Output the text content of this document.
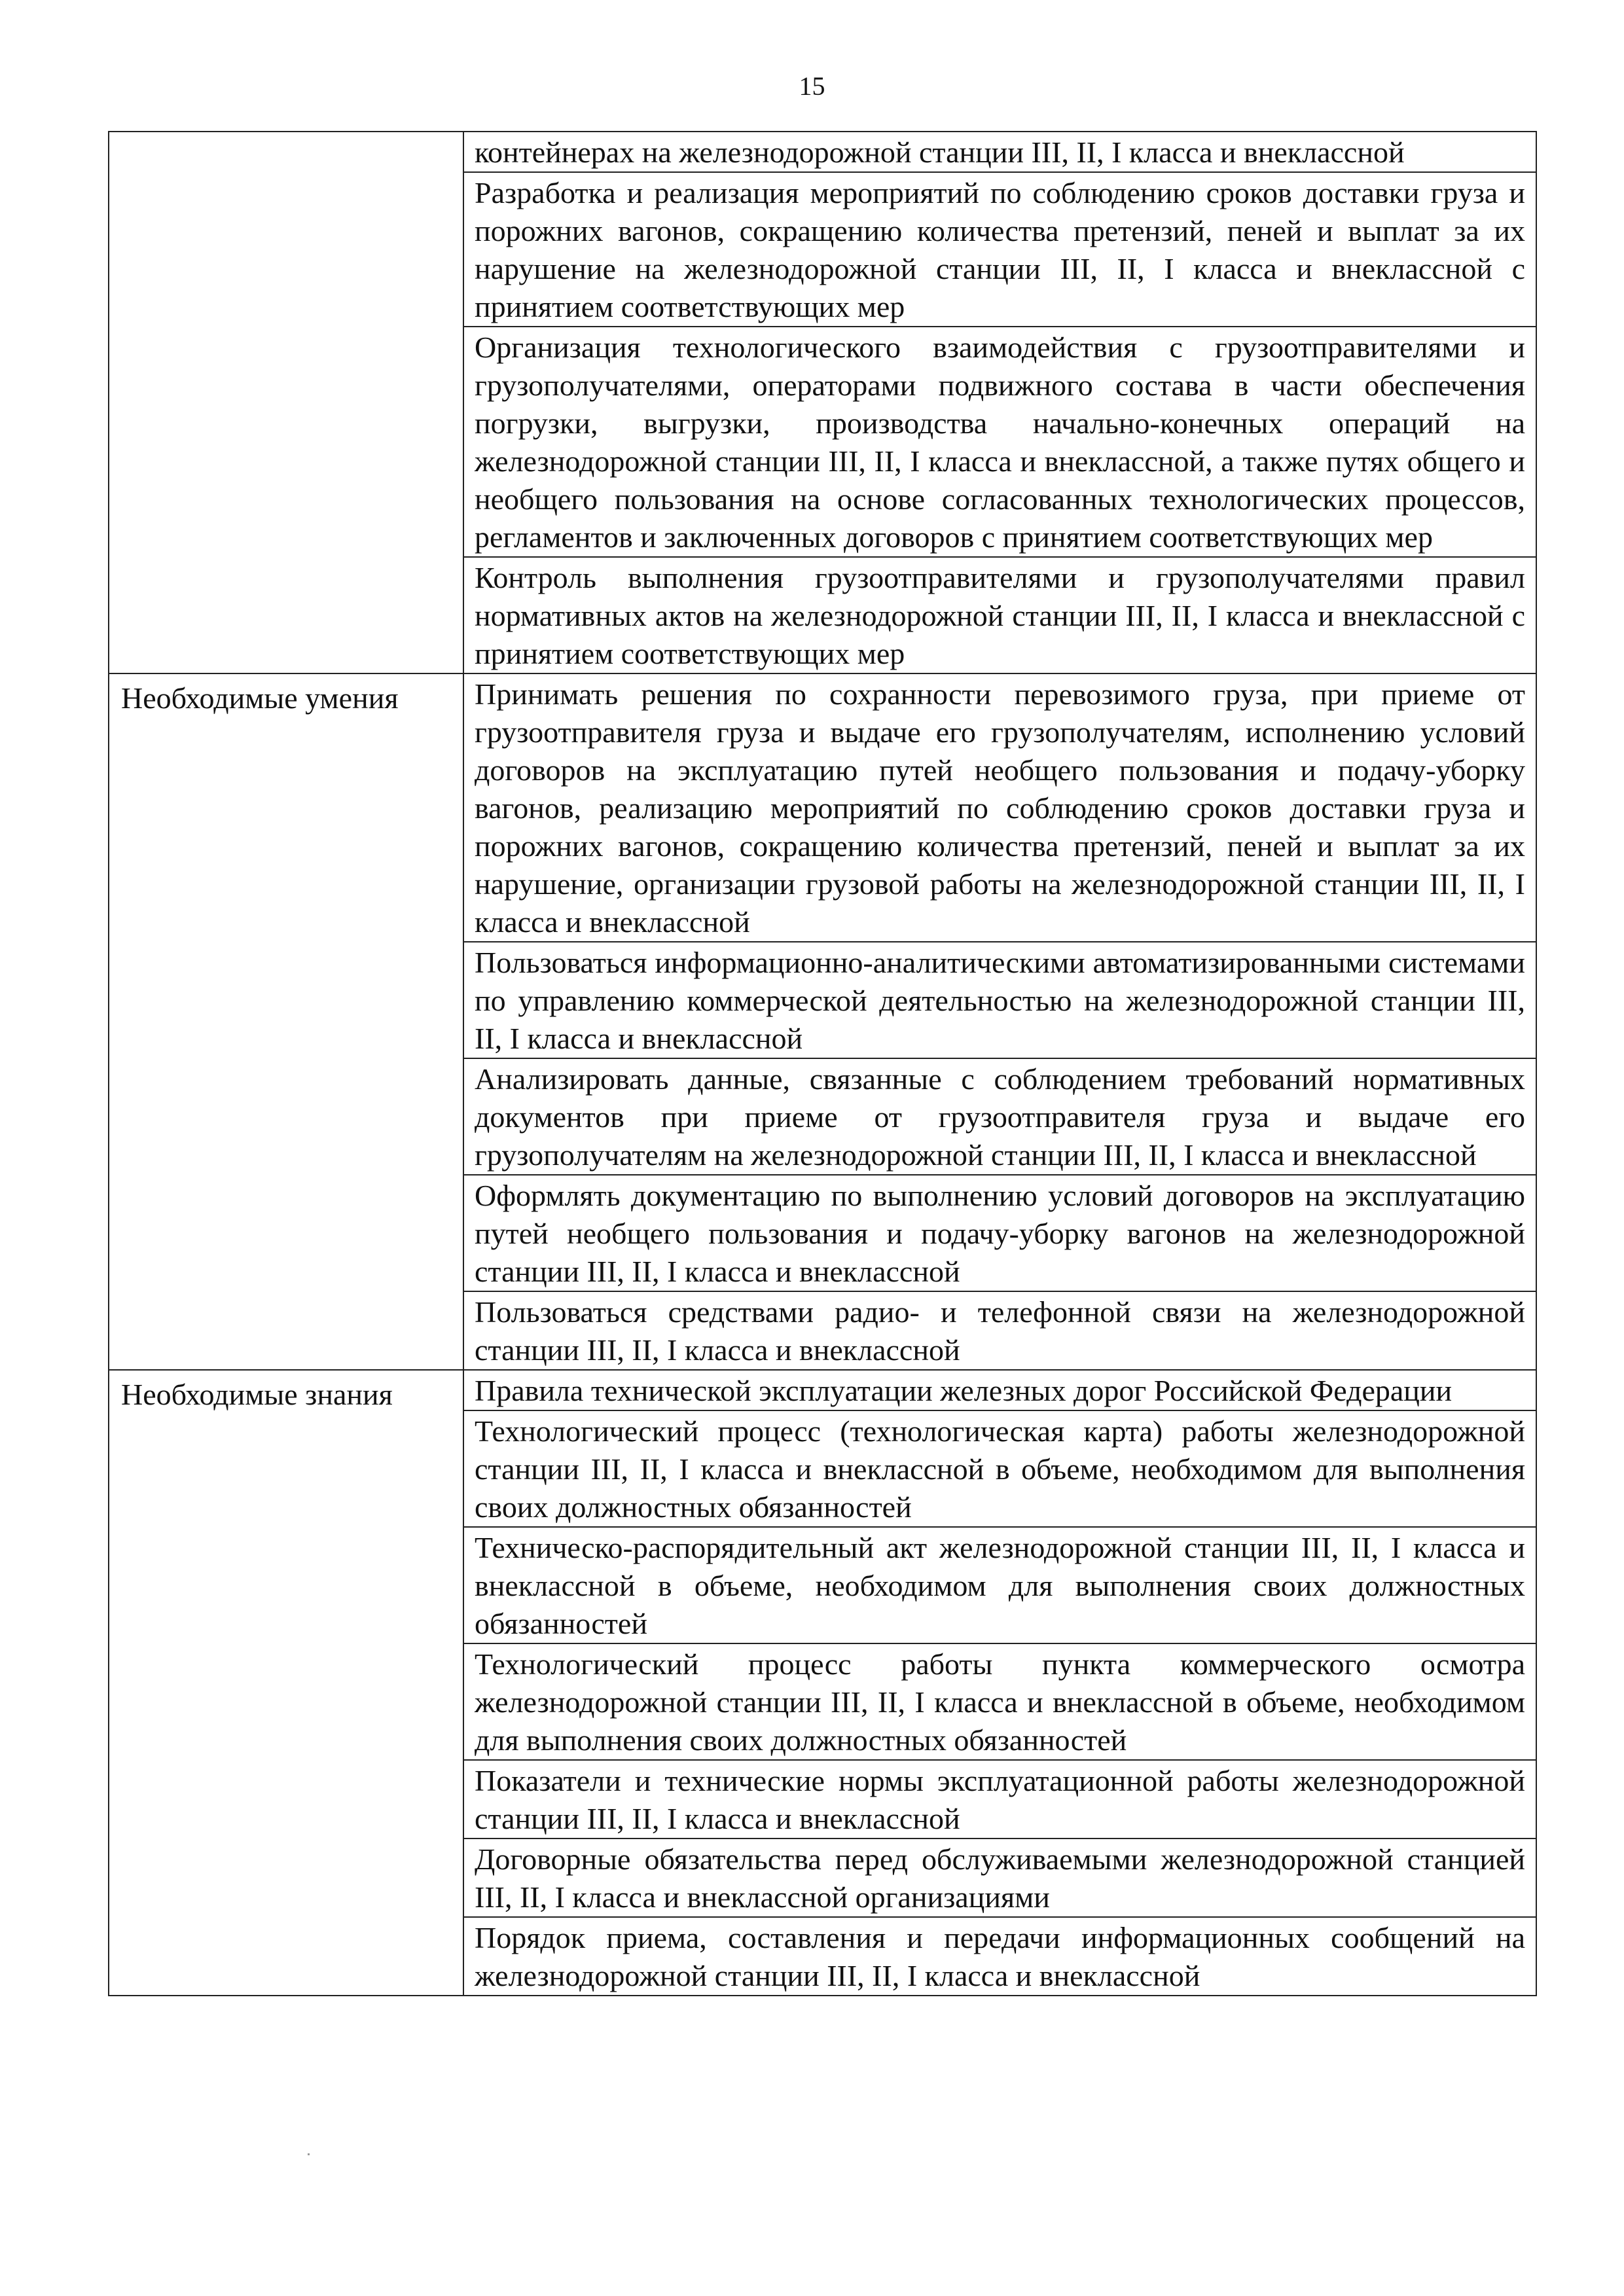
15

	контейнерах на железнодорожной станции III, II, I класса и внеклассной

	Разработка и реализация мероприятий по соблюдению сроков доставки груза и порожних вагонов, сокращению количества претензий, пеней и выплат за их нарушение на железнодорожной станции III, II, I класса и внеклассной с принятием соответствующих мер

	Организация технологического взаимодействия с грузоотправителями и грузополучателями, операторами подвижного состава в части обеспечения погрузки, выгрузки, производства начально-конечных операций на железнодорожной станции III, II, I класса и внеклассной, а также путях общего и необщего пользования на основе согласованных технологических процессов, регламентов и заключенных договоров с принятием соответствующих мер

	Контроль выполнения грузоотправителями и грузополучателями правил нормативных актов на железнодорожной станции III, II, I класса и внеклассной с принятием соответствующих мер

Необходимые умения	Принимать решения по сохранности перевозимого груза, при приеме от грузоотправителя груза и выдаче его грузополучателям, исполнению условий договоров на эксплуатацию путей необщего пользования и подачу-уборку вагонов, реализацию мероприятий по соблюдению сроков доставки груза и порожних вагонов, сокращению количества претензий, пеней и выплат за их нарушение, организации грузовой работы на железнодорожной станции III, II, I класса и внеклассной

	Пользоваться информационно-аналитическими автоматизированными системами по управлению коммерческой деятельностью на железнодорожной станции III, II, I класса и внеклассной

	Анализировать данные, связанные с соблюдением требований нормативных документов при приеме от грузоотправителя груза и выдаче его грузополучателям на железнодорожной станции III, II, I класса и внеклассной

	Оформлять документацию по выполнению условий договоров на эксплуатацию путей необщего пользования и подачу-уборку вагонов на железнодорожной станции III, II, I класса и внеклассной

	Пользоваться средствами радио- и телефонной связи на железнодорожной станции III, II, I класса и внеклассной

Необходимые знания	Правила технической эксплуатации железных дорог Российской Федерации

	Технологический процесс (технологическая карта) работы железнодорожной станции III, II, I класса и внеклассной в объеме, необходимом для выполнения своих должностных обязанностей

	Техническо-распорядительный акт железнодорожной станции III, II, I класса и внеклассной в объеме, необходимом для выполнения своих должностных обязанностей

	Технологический процесс работы пункта коммерческого осмотра железнодорожной станции III, II, I класса и внеклассной в объеме, необходимом для выполнения своих должностных обязанностей

	Показатели и технические нормы эксплуатационной работы железнодорожной станции III, II, I класса и внеклассной

	Договорные обязательства перед обслуживаемыми железнодорожной станцией III, II, I класса и внеклассной организациями

	Порядок приема, составления и передачи информационных сообщений на железнодорожной станции III, II, I класса и внеклассной
